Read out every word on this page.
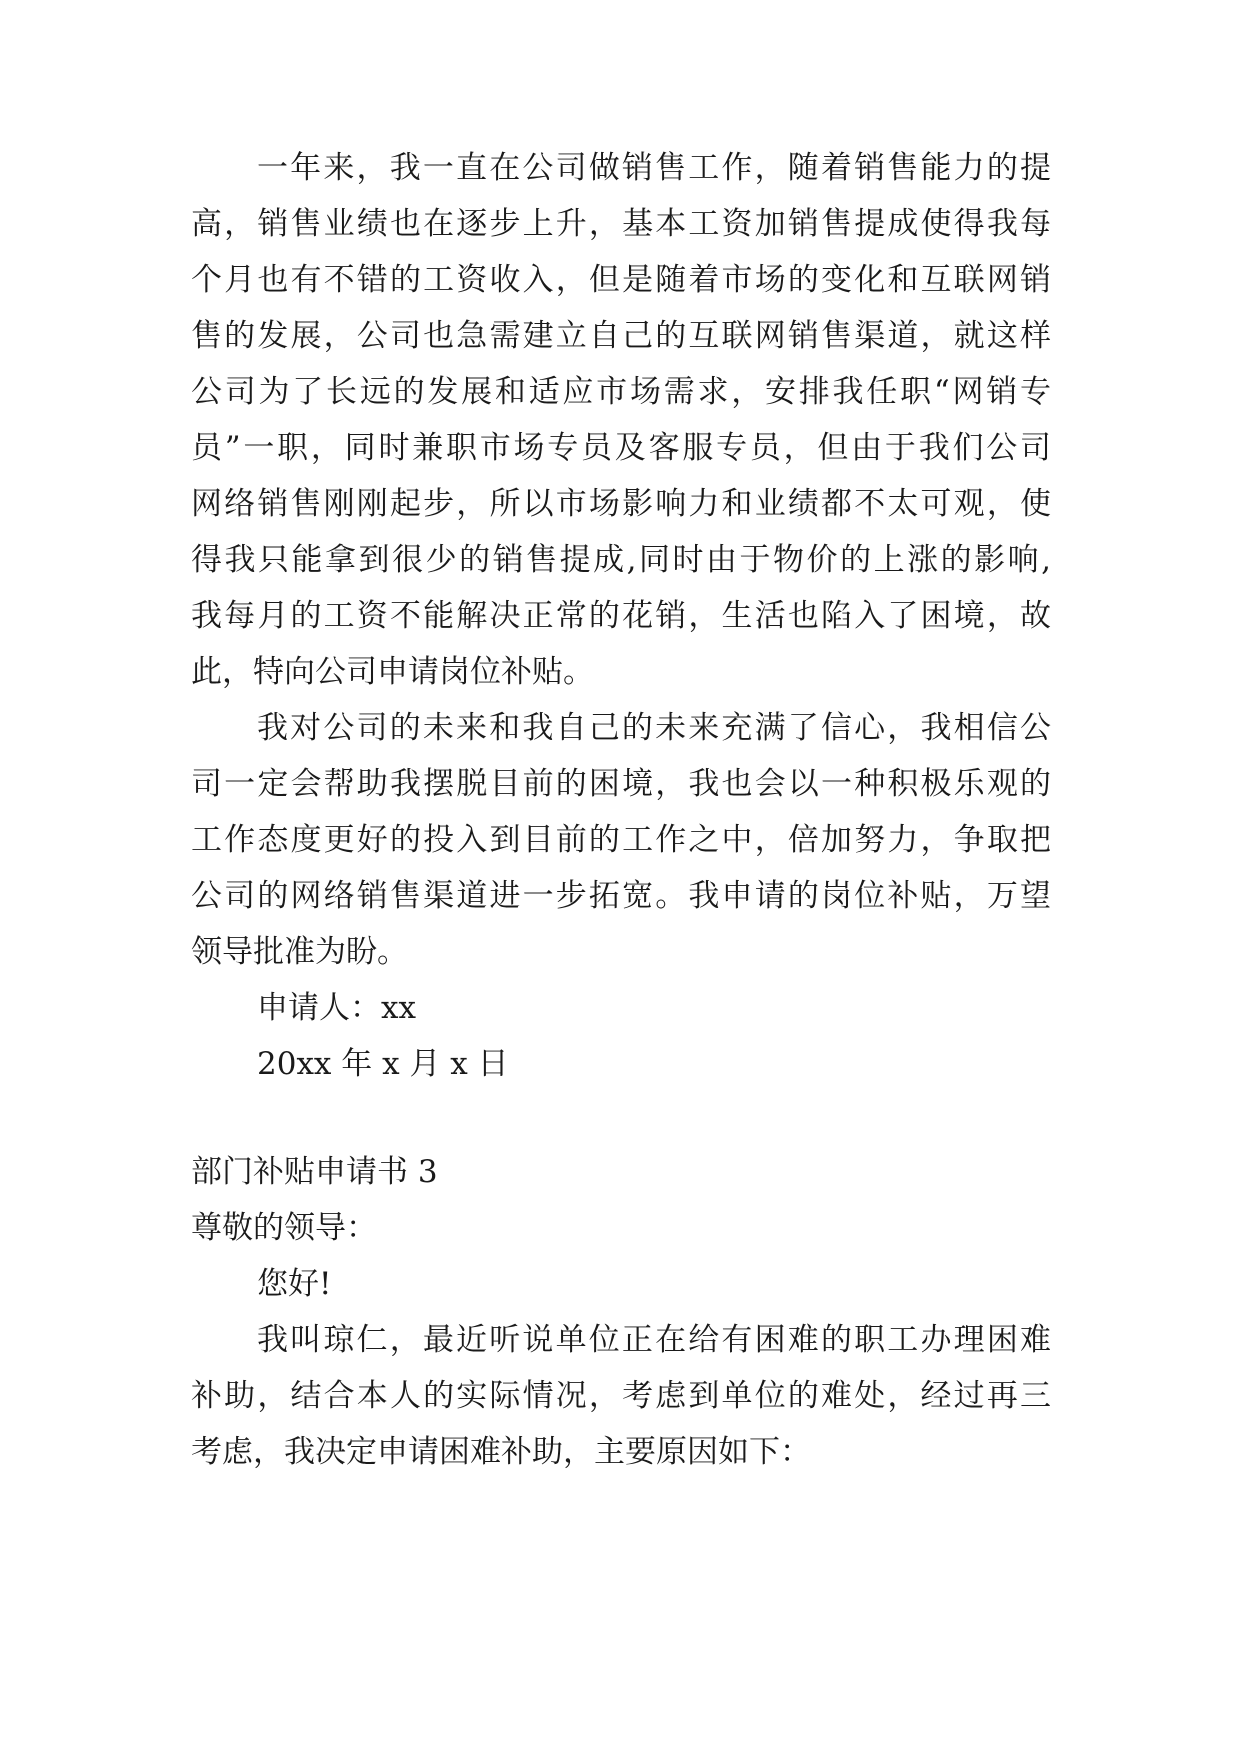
一年来，我一直在公司做销售工作，随着销售能力的提
高，销售业绩也在逐步上升，基本工资加销售提成使得我每
个月也有不错的工资收入，但是随着市场的变化和互联网销
售的发展，公司也急需建立自己的互联网销售渠道，就这样
公司为了长远的发展和适应市场需求，安排我任职“网销专
员”一职，同时兼职市场专员及客服专员，但由于我们公司
网络销售刚刚起步，所以市场影响力和业绩都不太可观，使
得我只能拿到很少的销售提成,同时由于物价的上涨的影响,
我每月的工资不能解决正常的花销，生活也陷入了困境，故
此，特向公司申请岗位补贴。
我对公司的未来和我自己的未来充满了信心，我相信公
司一定会帮助我摆脱目前的困境，我也会以一种积极乐观的
工作态度更好的投入到目前的工作之中，倍加努力，争取把
公司的网络销售渠道进一步拓宽。我申请的岗位补贴，万望
领导批准为盼。
申请人：xx
20xx 年 x 月 x 日
部门补贴申请书 3
尊敬的领导：
您好!
我叫琼仁，最近听说单位正在给有困难的职工办理困难
补助，结合本人的实际情况，考虑到单位的难处，经过再三
考虑，我决定申请困难补助，主要原因如下：
